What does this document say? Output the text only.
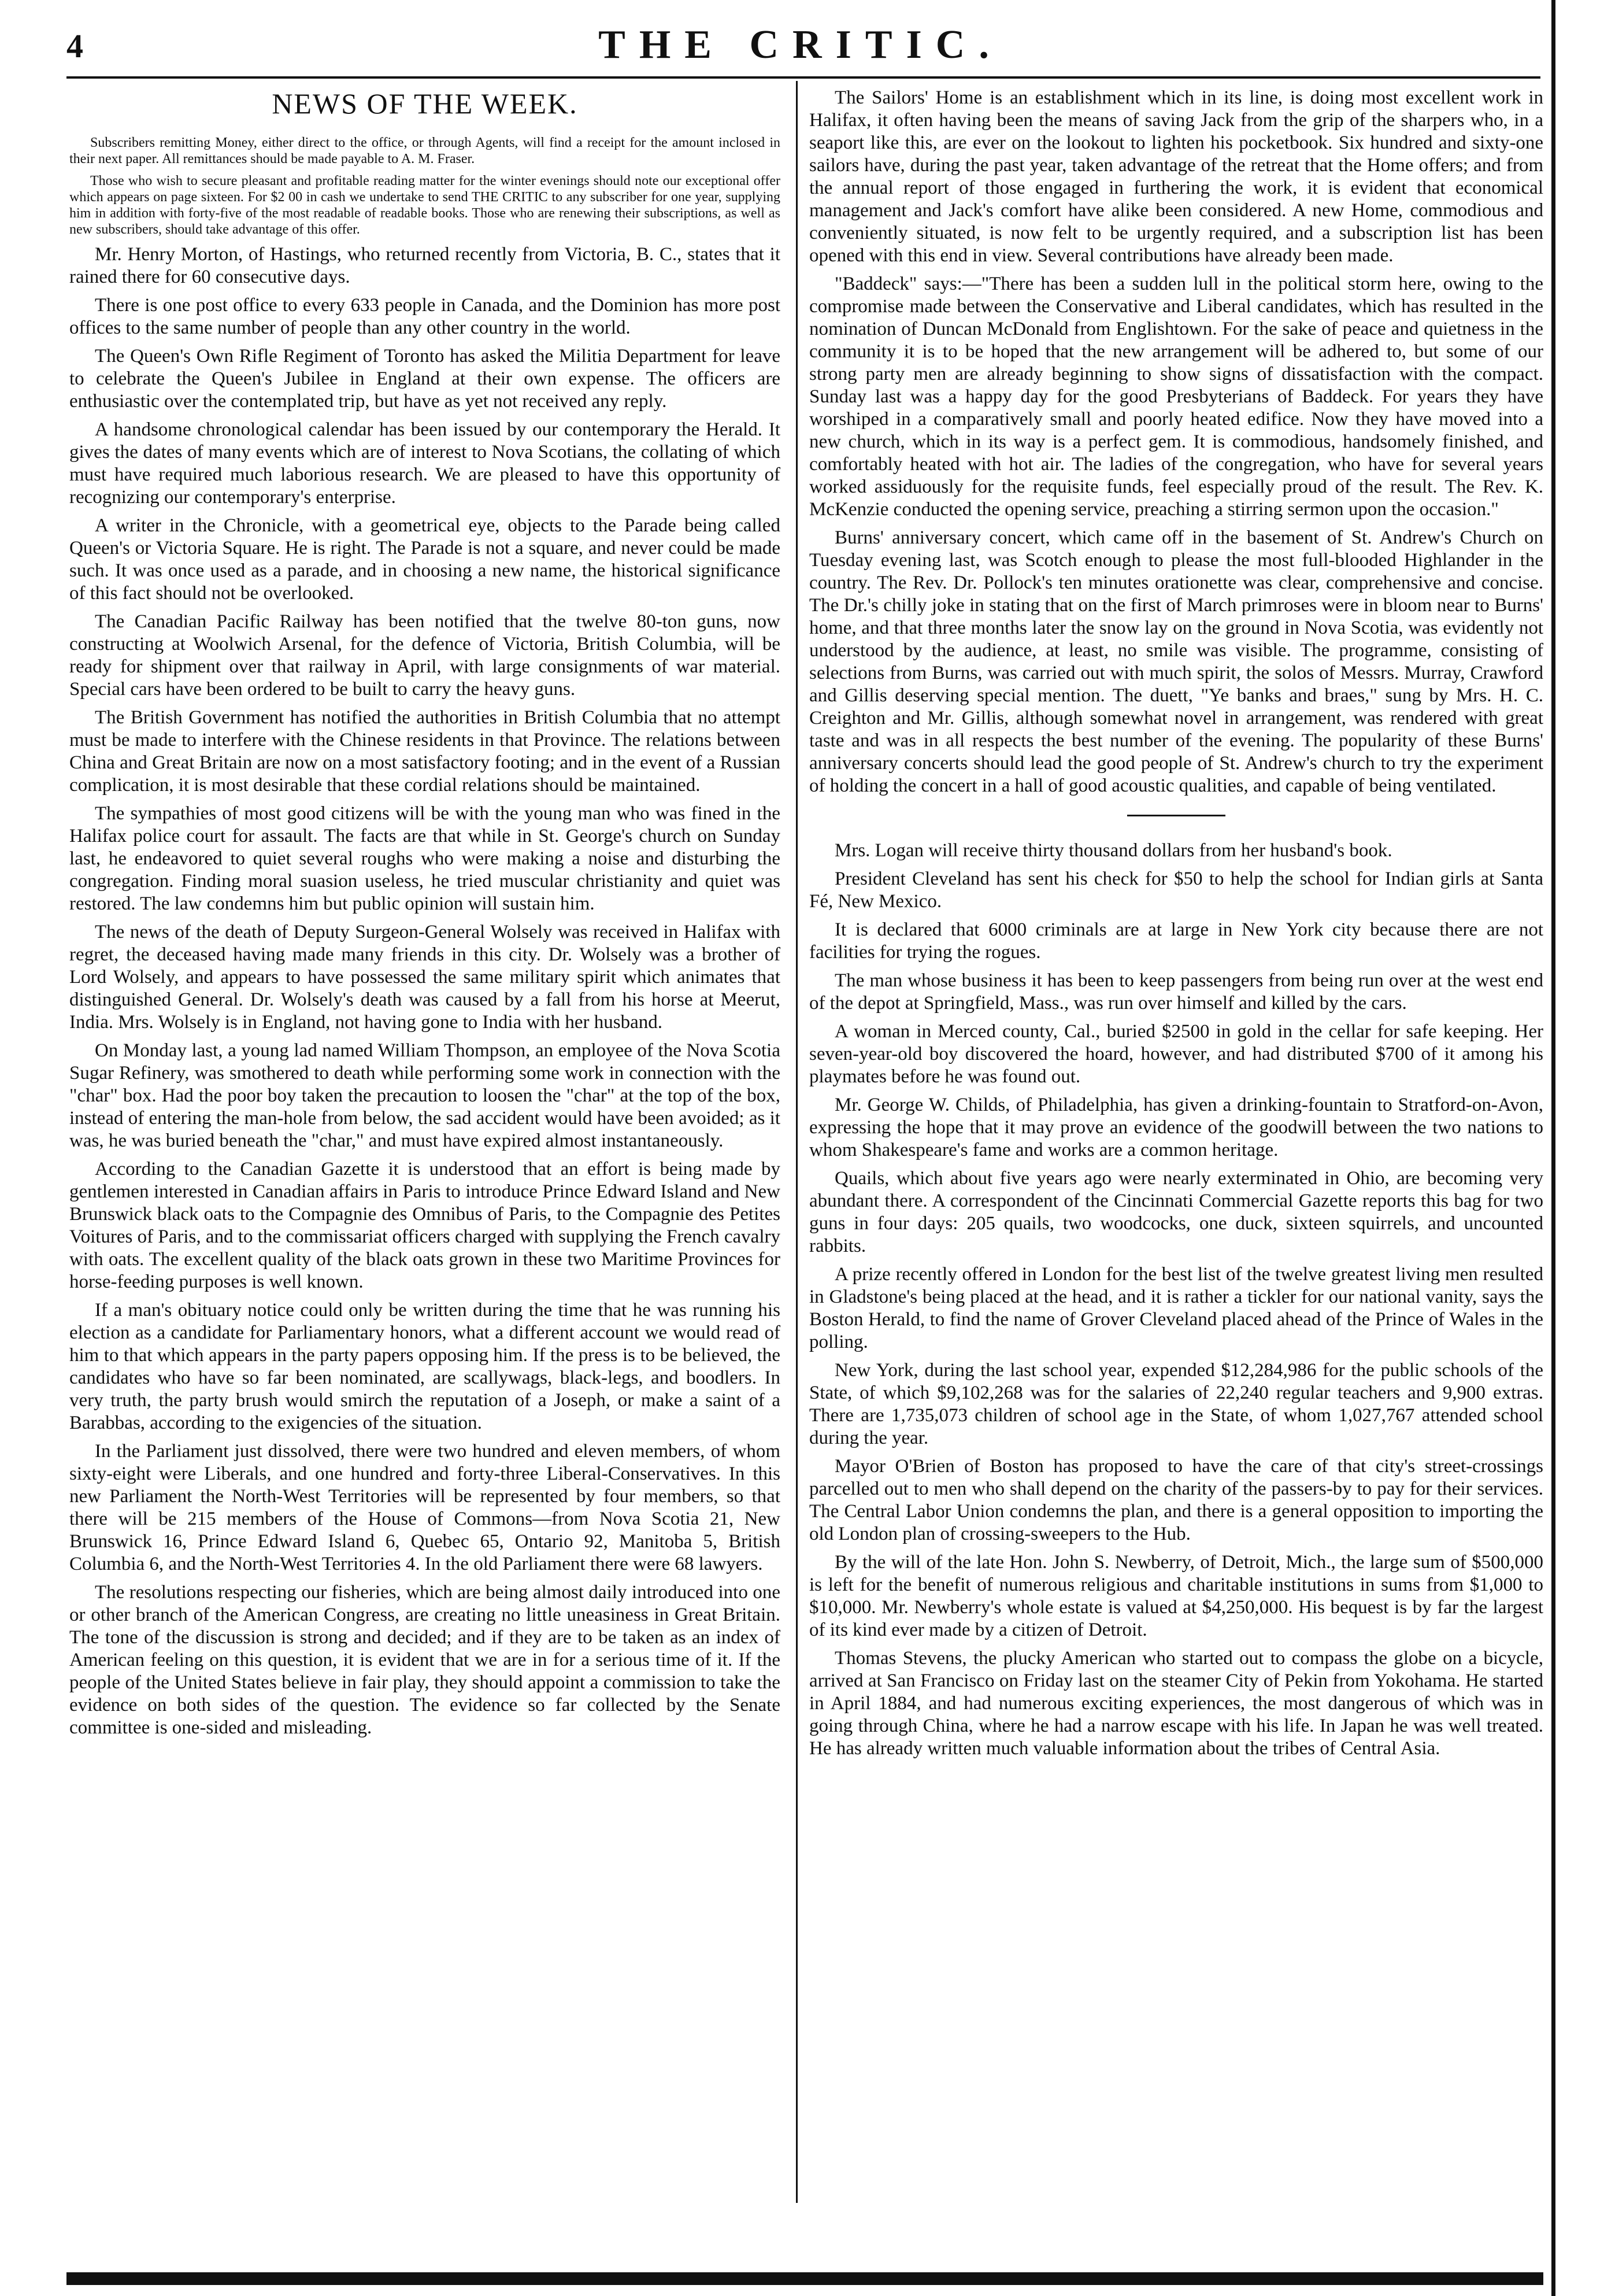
4	THE CRITIC.
NEWS OF THE WEEK.

Subscribers remitting Money, either direct to the office, or through Agents, will find a receipt for the amount inclosed in their next paper. All remittances should be made payable to A. M. Fraser.

Those who wish to secure pleasant and profitable reading matter for the winter evenings should note our exceptional offer which appears on page sixteen. For $2 00 in cash we undertake to send THE CRITIC to any subscriber for one year, supplying him in addition with forty-five of the most readable of readable books. Those who are renewing their subscriptions, as well as new subscribers, should take advantage of this offer.

Mr. Henry Morton, of Hastings, who returned recently from Victoria, B. C., states that it rained there for 60 consecutive days.

There is one post office to every 633 people in Canada, and the Dominion has more post offices to the same number of people than any other country in the world.

The Queen's Own Rifle Regiment of Toronto has asked the Militia Department for leave to celebrate the Queen's Jubilee in England at their own expense. The officers are enthusiastic over the contemplated trip, but have as yet not received any reply.

A handsome chronological calendar has been issued by our contemporary the Herald. It gives the dates of many events which are of interest to Nova Scotians, the collating of which must have required much laborious research. We are pleased to have this opportunity of recognizing our contemporary's enterprise.

A writer in the Chronicle, with a geometrical eye, objects to the Parade being called Queen's or Victoria Square. He is right. The Parade is not a square, and never could be made such. It was once used as a parade, and in choosing a new name, the historical significance of this fact should not be overlooked.

The Canadian Pacific Railway has been notified that the twelve 80-ton guns, now constructing at Woolwich Arsenal, for the defence of Victoria, British Columbia, will be ready for shipment over that railway in April, with large consignments of war material. Special cars have been ordered to be built to carry the heavy guns.

The British Government has notified the authorities in British Columbia that no attempt must be made to interfere with the Chinese residents in that Province. The relations between China and Great Britain are now on a most satisfactory footing; and in the event of a Russian complication, it is most desirable that these cordial relations should be maintained.

The sympathies of most good citizens will be with the young man who was fined in the Halifax police court for assault. The facts are that while in St. George's church on Sunday last, he endeavored to quiet several roughs who were making a noise and disturbing the congregation. Finding moral suasion useless, he tried muscular christianity and quiet was restored. The law condemns him but public opinion will sustain him.

The news of the death of Deputy Surgeon-General Wolsely was received in Halifax with regret, the deceased having made many friends in this city. Dr. Wolsely was a brother of Lord Wolsely, and appears to have possessed the same military spirit which animates that distinguished General. Dr. Wolsely's death was caused by a fall from his horse at Meerut, India. Mrs. Wolsely is in England, not having gone to India with her husband.

On Monday last, a young lad named William Thompson, an employee of the Nova Scotia Sugar Refinery, was smothered to death while performing some work in connection with the "char" box. Had the poor boy taken the precaution to loosen the "char" at the top of the box, instead of entering the man-hole from below, the sad accident would have been avoided; as it was, he was buried beneath the "char," and must have expired almost instantaneously.

According to the Canadian Gazette it is understood that an effort is being made by gentlemen interested in Canadian affairs in Paris to introduce Prince Edward Island and New Brunswick black oats to the Compagnie des Omnibus of Paris, to the Compagnie des Petites Voitures of Paris, and to the commissariat officers charged with supplying the French cavalry with oats. The excellent quality of the black oats grown in these two Maritime Provinces for horse-feeding purposes is well known.

If a man's obituary notice could only be written during the time that he was running his election as a candidate for Parliamentary honors, what a different account we would read of him to that which appears in the party papers opposing him. If the press is to be believed, the candidates who have so far been nominated, are scallywags, black-legs, and boodlers. In very truth, the party brush would smirch the reputation of a Joseph, or make a saint of a Barabbas, according to the exigencies of the situation.

In the Parliament just dissolved, there were two hundred and eleven members, of whom sixty-eight were Liberals, and one hundred and forty-three Liberal-Conservatives. In this new Parliament the North-West Territories will be represented by four members, so that there will be 215 members of the House of Commons—from Nova Scotia 21, New Brunswick 16, Prince Edward Island 6, Quebec 65, Ontario 92, Manitoba 5, British Columbia 6, and the North-West Territories 4. In the old Parliament there were 68 lawyers.

The resolutions respecting our fisheries, which are being almost daily introduced into one or other branch of the American Congress, are creating no little uneasiness in Great Britain. The tone of the discussion is strong and decided; and if they are to be taken as an index of American feeling on this question, it is evident that we are in for a serious time of it. If the people of the United States believe in fair play, they should appoint a commission to take the evidence on both sides of the question. The evidence so far collected by the Senate committee is one-sided and misleading.

The Sailors' Home is an establishment which in its line, is doing most excellent work in Halifax, it often having been the means of saving Jack from the grip of the sharpers who, in a seaport like this, are ever on the lookout to lighten his pocketbook. Six hundred and sixty-one sailors have, during the past year, taken advantage of the retreat that the Home offers; and from the annual report of those engaged in furthering the work, it is evident that economical management and Jack's comfort have alike been considered. A new Home, commodious and conveniently situated, is now felt to be urgently required, and a subscription list has been opened with this end in view. Several contributions have already been made.

"Baddeck" says:—"There has been a sudden lull in the political storm here, owing to the compromise made between the Conservative and Liberal candidates, which has resulted in the nomination of Duncan McDonald from Englishtown. For the sake of peace and quietness in the community it is to be hoped that the new arrangement will be adhered to, but some of our strong party men are already beginning to show signs of dissatisfaction with the compact. Sunday last was a happy day for the good Presbyterians of Baddeck. For years they have worshiped in a comparatively small and poorly heated edifice. Now they have moved into a new church, which in its way is a perfect gem. It is commodious, handsomely finished, and comfortably heated with hot air. The ladies of the congregation, who have for several years worked assiduously for the requisite funds, feel especially proud of the result. The Rev. K. McKenzie conducted the opening service, preaching a stirring sermon upon the occasion."

Burns' anniversary concert, which came off in the basement of St. Andrew's Church on Tuesday evening last, was Scotch enough to please the most full-blooded Highlander in the country. The Rev. Dr. Pollock's ten minutes orationette was clear, comprehensive and concise. The Dr.'s chilly joke in stating that on the first of March primroses were in bloom near to Burns' home, and that three months later the snow lay on the ground in Nova Scotia, was evidently not understood by the audience, at least, no smile was visible. The programme, consisting of selections from Burns, was carried out with much spirit, the solos of Messrs. Murray, Crawford and Gillis deserving special mention. The duett, "Ye banks and braes," sung by Mrs. H. C. Creighton and Mr. Gillis, although somewhat novel in arrangement, was rendered with great taste and was in all respects the best number of the evening. The popularity of these Burns' anniversary concerts should lead the good people of St. Andrew's church to try the experiment of holding the concert in a hall of good acoustic qualities, and capable of being ventilated.

Mrs. Logan will receive thirty thousand dollars from her husband's book.

President Cleveland has sent his check for $50 to help the school for Indian girls at Santa Fé, New Mexico.

It is declared that 6000 criminals are at large in New York city because there are not facilities for trying the rogues.

The man whose business it has been to keep passengers from being run over at the west end of the depot at Springfield, Mass., was run over himself and killed by the cars.

A woman in Merced county, Cal., buried $2500 in gold in the cellar for safe keeping. Her seven-year-old boy discovered the hoard, however, and had distributed $700 of it among his playmates before he was found out.

Mr. George W. Childs, of Philadelphia, has given a drinking-fountain to Stratford-on-Avon, expressing the hope that it may prove an evidence of the goodwill between the two nations to whom Shakespeare's fame and works are a common heritage.

Quails, which about five years ago were nearly exterminated in Ohio, are becoming very abundant there. A correspondent of the Cincinnati Commercial Gazette reports this bag for two guns in four days: 205 quails, two woodcocks, one duck, sixteen squirrels, and uncounted rabbits.

A prize recently offered in London for the best list of the twelve greatest living men resulted in Gladstone's being placed at the head, and it is rather a tickler for our national vanity, says the Boston Herald, to find the name of Grover Cleveland placed ahead of the Prince of Wales in the polling.

New York, during the last school year, expended $12,284,986 for the public schools of the State, of which $9,102,268 was for the salaries of 22,240 regular teachers and 9,900 extras. There are 1,735,073 children of school age in the State, of whom 1,027,767 attended school during the year.

Mayor O'Brien of Boston has proposed to have the care of that city's street-crossings parcelled out to men who shall depend on the charity of the passers-by to pay for their services. The Central Labor Union condemns the plan, and there is a general opposition to importing the old London plan of crossing-sweepers to the Hub.

By the will of the late Hon. John S. Newberry, of Detroit, Mich., the large sum of $500,000 is left for the benefit of numerous religious and charitable institutions in sums from $1,000 to $10,000. Mr. Newberry's whole estate is valued at $4,250,000. His bequest is by far the largest of its kind ever made by a citizen of Detroit.

Thomas Stevens, the plucky American who started out to compass the globe on a bicycle, arrived at San Francisco on Friday last on the steamer City of Pekin from Yokohama. He started in April 1884, and had numerous exciting experiences, the most dangerous of which was in going through China, where he had a narrow escape with his life. In Japan he was well treated. He has already written much valuable information about the tribes of Central Asia.
